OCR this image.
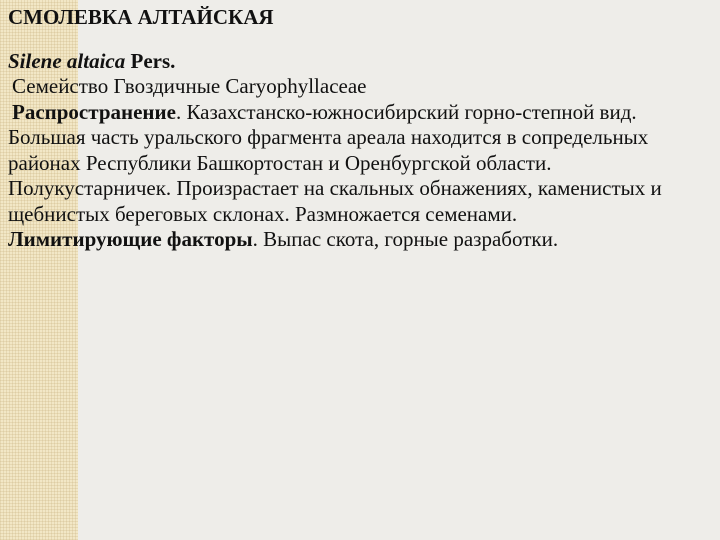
СМОЛЕВКА АЛТАЙСКАЯ

Silene altaica Pers.

Семейство Гвоздичные Caryophyllaceae

Распространение. Казахстанско-южносибирский горно-степной вид.

Большая часть уральского фрагмента ареала находится в сопредельных районах Республики Башкортостан и Оренбургской области.

Полукустарничек. Произрастает на скальных обнажениях, каменистых и щебнистых береговых склонах. Размножается семенами.

Лимитирующие факторы. Выпас скота, горные разработки.
